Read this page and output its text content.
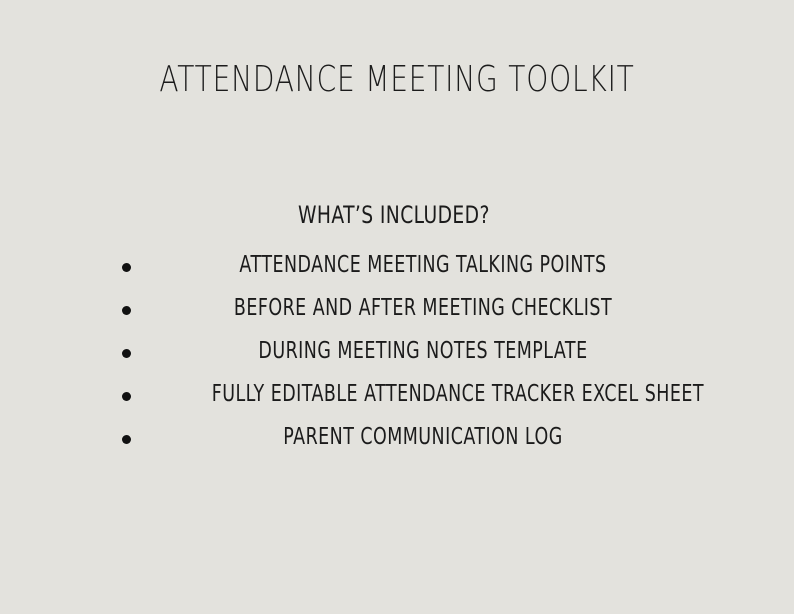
ATTENDANCE MEETING TOOLKIT
WHAT’S INCLUDED?
ATTENDANCE MEETING TALKING POINTS
BEFORE AND AFTER MEETING CHECKLIST
DURING MEETING NOTES TEMPLATE
FULLY EDITABLE ATTENDANCE TRACKER EXCEL SHEET
PARENT COMMUNICATION LOG
